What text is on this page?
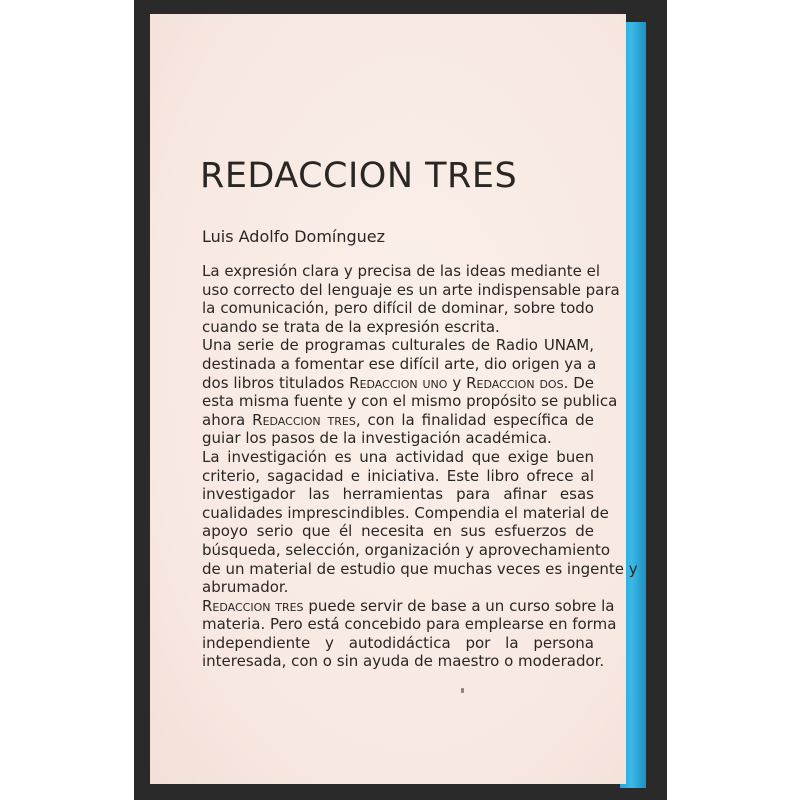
REDACCION TRES

Luis Adolfo Domínguez

La expresión clara y precisa de las ideas mediante el
uso correcto del lenguaje es un arte indispensable para
la comunicación, pero difícil de dominar, sobre todo
cuando se trata de la expresión escrita.
Una serie de programas culturales de Radio UNAM,
destinada a fomentar ese difícil arte, dio origen ya a
dos libros titulados Redaccion uno y Redaccion dos. De
esta misma fuente y con el mismo propósito se publica
ahora Redaccion tres, con la finalidad específica de
guiar los pasos de la investigación académica.
La investigación es una actividad que exige buen
criterio, sagacidad e iniciativa. Este libro ofrece al
investigador las herramientas para afinar esas
cualidades imprescindibles. Compendia el material de
apoyo serio que él necesita en sus esfuerzos de
búsqueda, selección, organización y aprovechamiento
de un material de estudio que muchas veces es ingente y
abrumador.
Redaccion tres puede servir de base a un curso sobre la
materia. Pero está concebido para emplearse en forma
independiente y autodidáctica por la persona
interesada, con o sin ayuda de maestro o moderador.
